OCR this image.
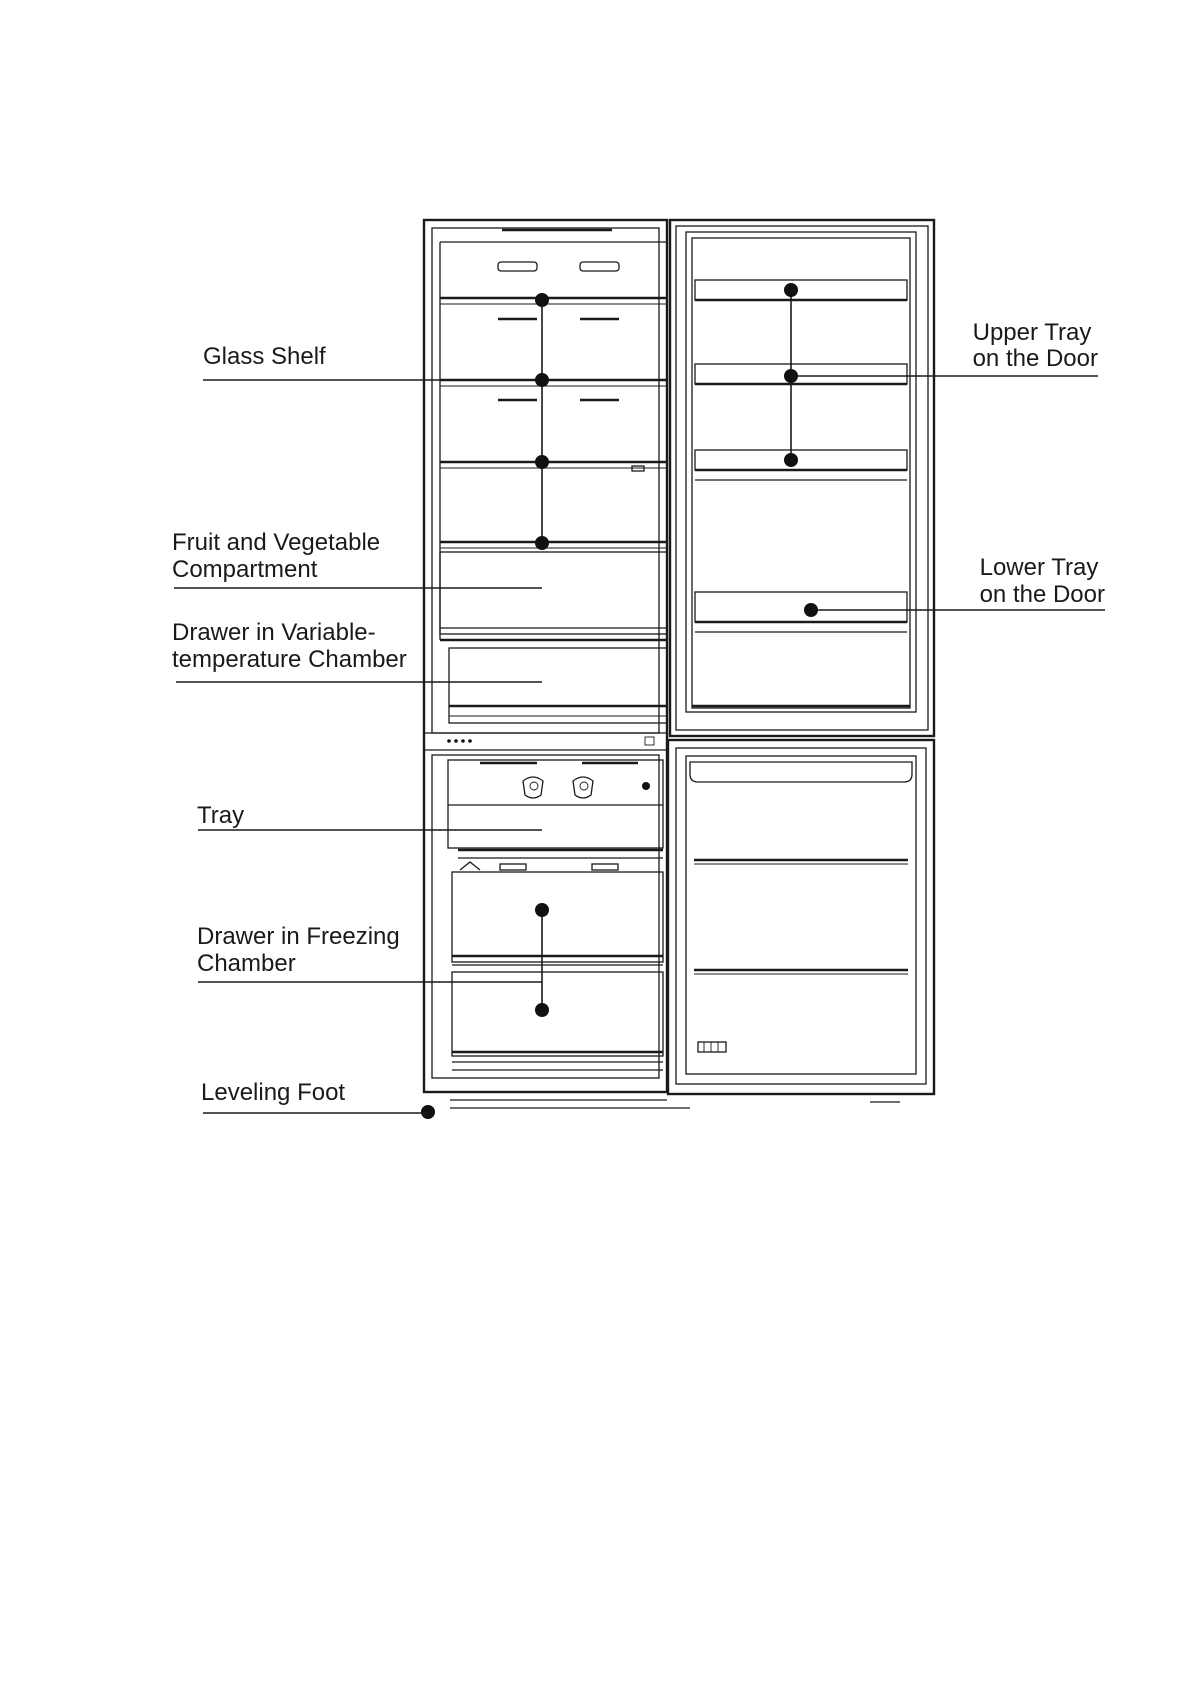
Glass Shelf
Fruit and Vegetable Compartment
Drawer in Variable- temperature Chamber
Tray
Drawer in Freezing Chamber
Leveling Foot
Upper Tray on the Door
Lower Tray on the Door
